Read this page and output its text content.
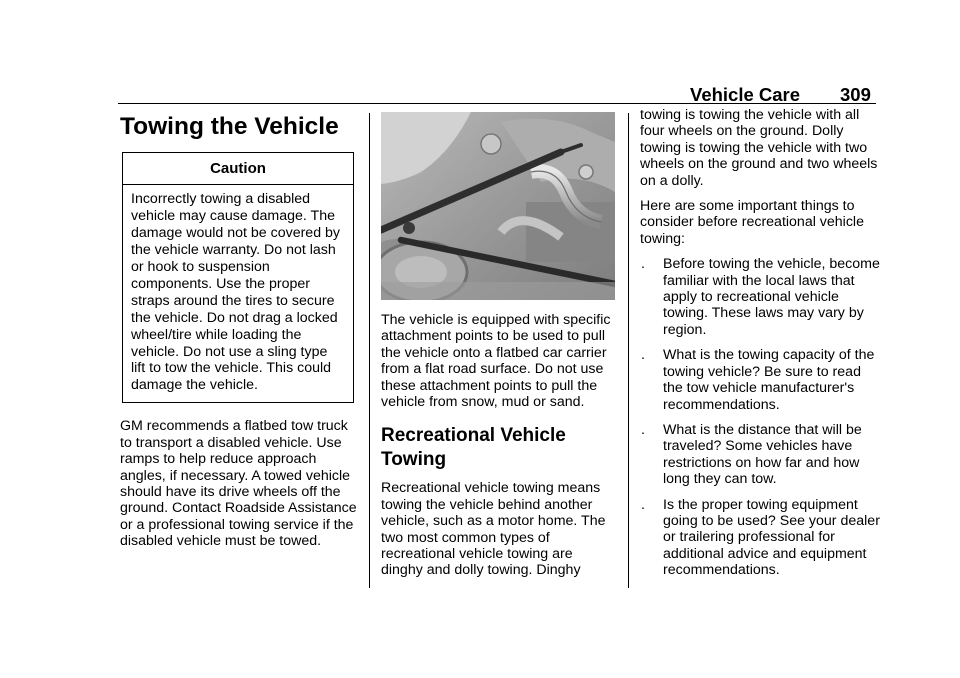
Vehicle Care 309
Towing the Vehicle
Caution
Incorrectly towing a disabled vehicle may cause damage. The damage would not be covered by the vehicle warranty. Do not lash or hook to suspension components. Use the proper straps around the tires to secure the vehicle. Do not drag a locked wheel/tire while loading the vehicle. Do not use a sling type lift to tow the vehicle. This could damage the vehicle.

GM recommends a flatbed tow truck to transport a disabled vehicle. Use ramps to help reduce approach angles, if necessary. A towed vehicle should have its drive wheels off the ground. Contact Roadside Assistance or a professional towing service if the disabled vehicle must be towed.

The vehicle is equipped with specific attachment points to be used to pull the vehicle onto a flatbed car carrier from a flat road surface. Do not use these attachment points to pull the vehicle from snow, mud or sand.

Recreational Vehicle Towing

Recreational vehicle towing means towing the vehicle behind another vehicle, such as a motor home. The two most common types of recreational vehicle towing are dinghy and dolly towing. Dinghy

towing is towing the vehicle with all four wheels on the ground. Dolly towing is towing the vehicle with two wheels on the ground and two wheels on a dolly.

Here are some important things to consider before recreational vehicle towing:

. Before towing the vehicle, become familiar with the local laws that apply to recreational vehicle towing. These laws may vary by region.
. What is the towing capacity of the towing vehicle? Be sure to read the tow vehicle manufacturer's recommendations.
. What is the distance that will be traveled? Some vehicles have restrictions on how far and how long they can tow.
. Is the proper towing equipment going to be used? See your dealer or trailering professional for additional advice and equipment recommendations.
